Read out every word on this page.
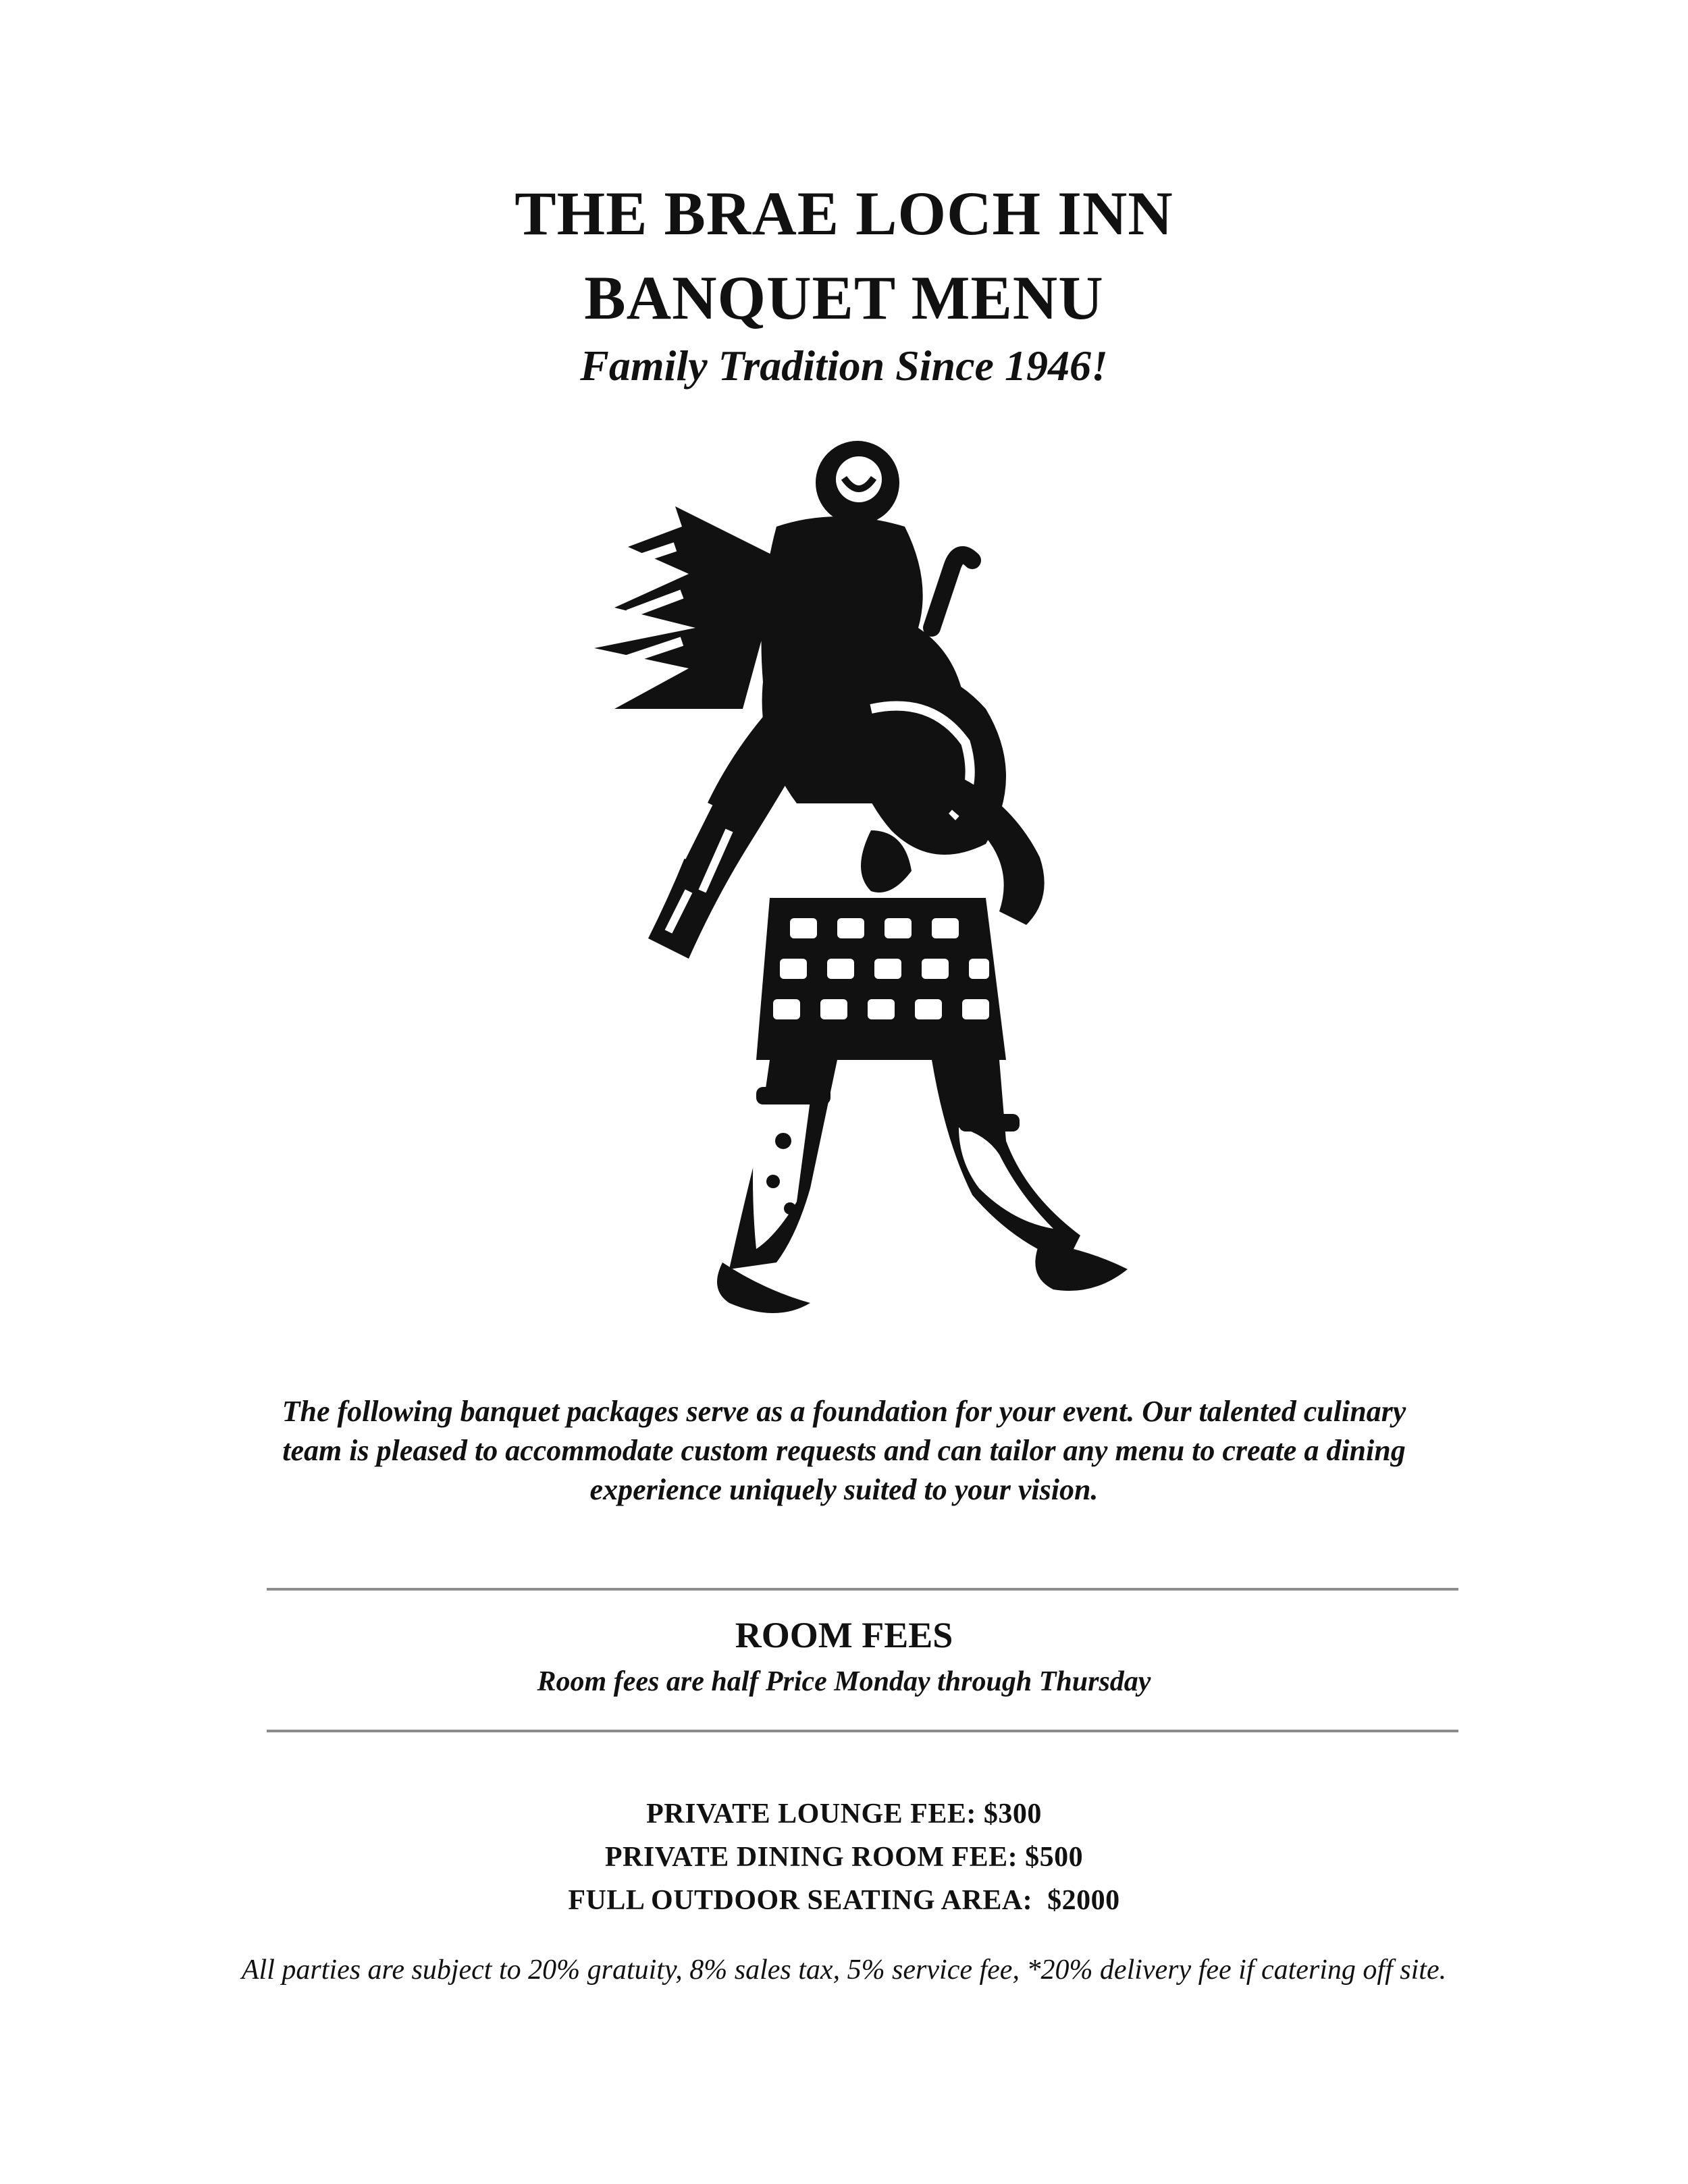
THE BRAE LOCH INN
BANQUET MENU
Family Tradition Since 1946!
The following banquet packages serve as a foundation for your event. Our talented culinary team is pleased to accommodate custom requests and can tailor any menu to create a dining experience uniquely suited to your vision.
ROOM FEES
Room fees are half Price Monday through Thursday
PRIVATE LOUNGE FEE: $300
PRIVATE DINING ROOM FEE: $500
FULL OUTDOOR SEATING AREA:  $2000
All parties are subject to 20% gratuity, 8% sales tax, 5% service fee, *20% delivery fee if catering off site.
